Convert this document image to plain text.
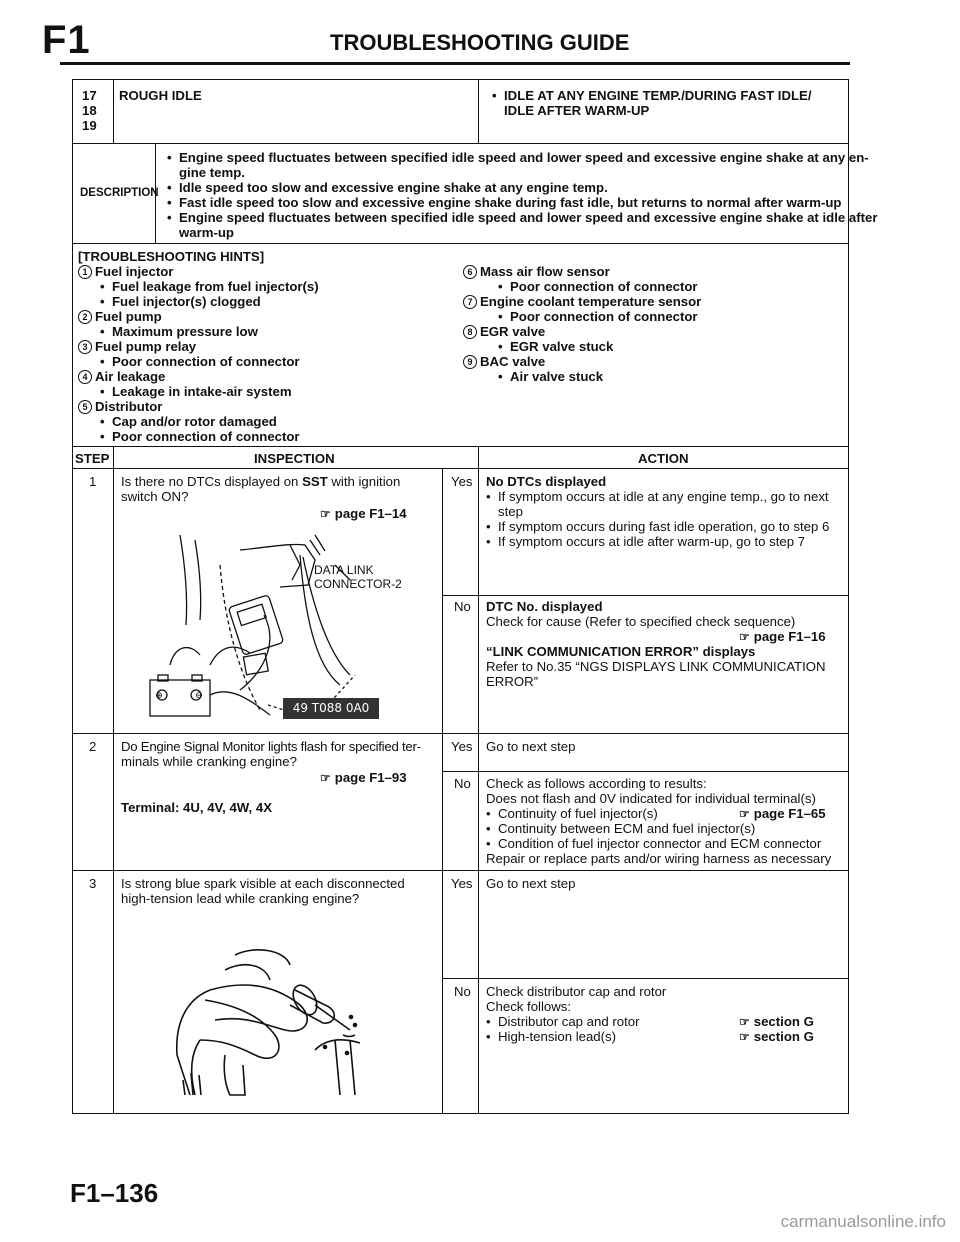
F1	TROUBLESHOOTING GUIDE
17
18
19
ROUGH IDLE
•	IDLE AT ANY ENGINE TEMP./DURING FAST IDLE/
IDLE AFTER WARM-UP
DESCRIPTION
• Engine speed fluctuates between specified idle speed and lower speed and excessive engine shake at any en-
gine temp.
• Idle speed too slow and excessive engine shake at any engine temp.
• Fast idle speed too slow and excessive engine shake during fast idle, but returns to normal after warm-up
• Engine speed fluctuates between specified idle speed and lower speed and excessive engine shake at idle after
warm-up
[TROUBLESHOOTING HINTS]
1 Fuel injector
• Fuel leakage from fuel injector(s)
• Fuel injector(s) clogged
2 Fuel pump
• Maximum pressure low
3 Fuel pump relay
• Poor connection of connector
4 Air leakage
• Leakage in intake-air system
5 Distributor
• Cap and/or rotor damaged
• Poor connection of connector
6 Mass air flow sensor
• Poor connection of connector
7 Engine coolant temperature sensor
• Poor connection of connector
8 EGR valve
• EGR valve stuck
9 BAC valve
• Air valve stuck
STEP	INSPECTION	ACTION
1 Is there no DTCs displayed on SST with ignition
switch ON?
☞ page F1–14
⊕	⊖
DATA LINK
CONNECTOR-2
49 T088 0A0
Yes No DTCs displayed
• If symptom occurs at idle at any engine temp., go to next
step
• If symptom occurs during fast idle operation, go to step 6
• If symptom occurs at idle after warm-up, go to step 7
No DTC No. displayed
Check for cause (Refer to specified check sequence)
☞ page F1–16
“LINK COMMUNICATION ERROR” displays
Refer to No.35 “NGS DISPLAYS LINK COMMUNICATION
ERROR”
2 Do Engine Signal Monitor lights flash for specified ter-
minals while cranking engine?
☞ page F1–93
Terminal: 4U, 4V, 4W, 4X
Yes Go to next step
No Check as follows according to results:
Does not flash and 0V indicated for individual terminal(s)
• Continuity of fuel injector(s)	☞ page F1–65
• Continuity between ECM and fuel injector(s)
• Condition of fuel injector connector and ECM connector
Repair or replace parts and/or wiring harness as necessary
3 Is strong blue spark visible at each disconnected
high-tension lead while cranking engine?
Yes Go to next step
No Check distributor cap and rotor
Check follows:
• Distributor cap and rotor	☞ section G
• High-tension lead(s)	☞ section G
F1–136
carmanualsonline.info
